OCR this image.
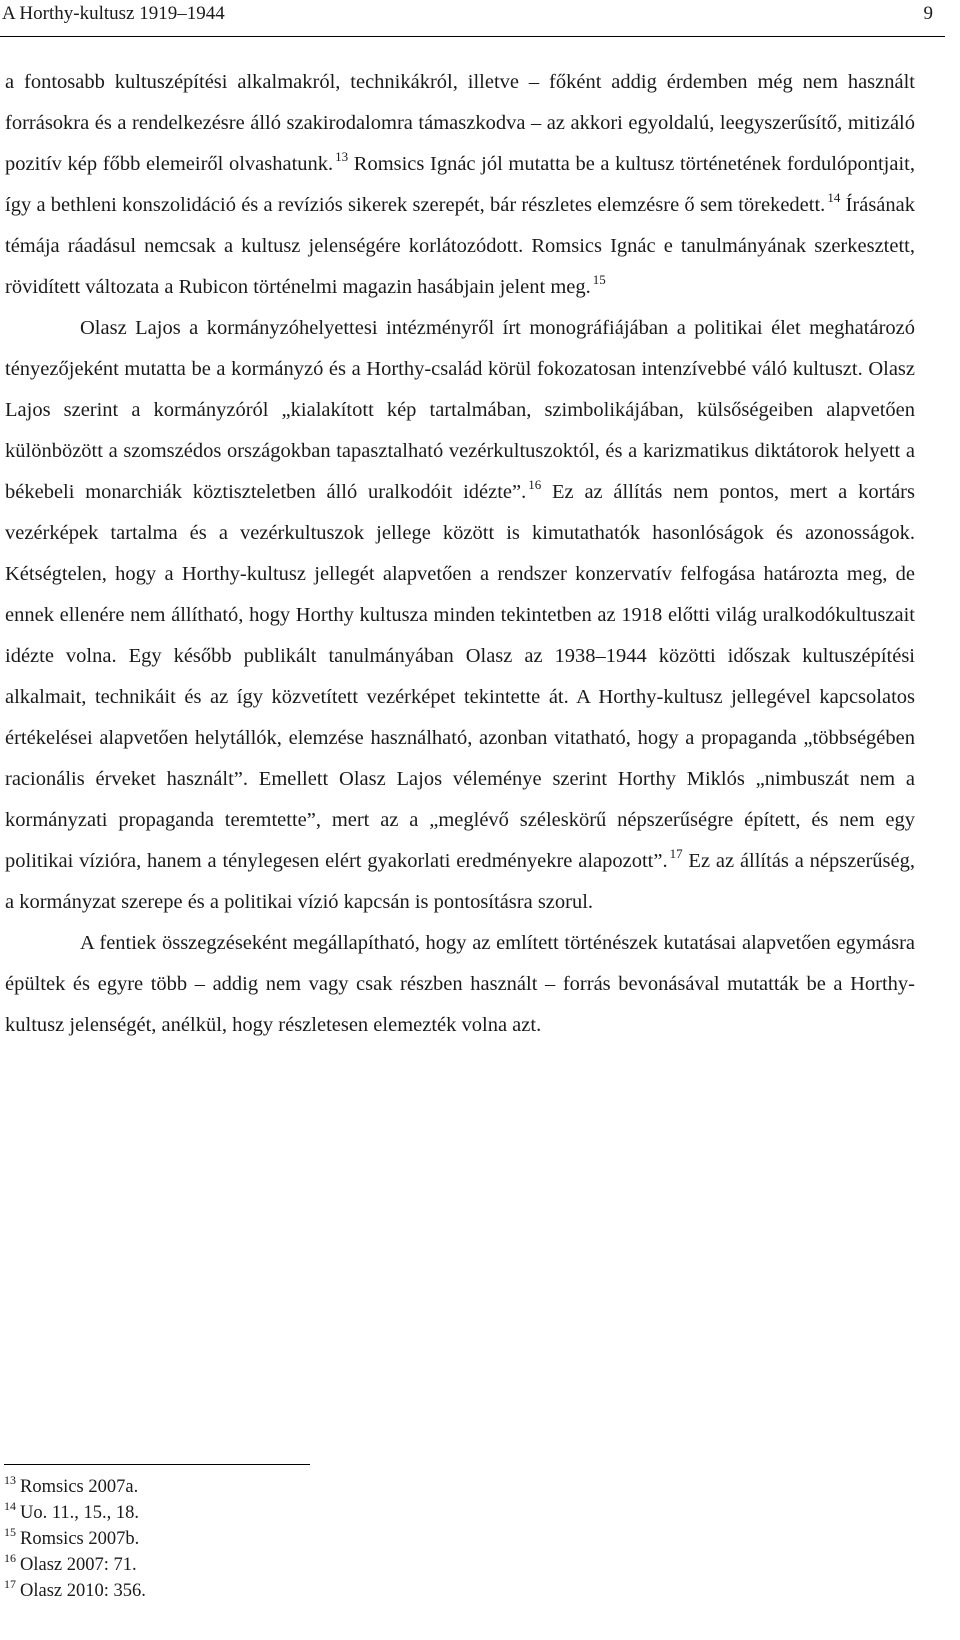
A Horthy-kultusz 1919–1944	9

a fontosabb kultuszépítési alkalmakról, technikákról, illetve – főként addig érdemben még nem használt forrásokra és a rendelkezésre álló szakirodalomra támaszkodva – az akkori egyoldalú, leegyszerűsítő, mitizáló pozitív kép főbb elemeiről olvashatunk. $^{13}$ Romsics Ignác jól mutatta be a kultusz történetének fordulópontjait, így a bethleni konszolidáció és a revíziós sikerek szerepét, bár részletes elemzésre ő sem törekedett. $^{14}$ Írásának témája ráadásul nemcsak a kultusz jelenségére korlátozódott. Romsics Ignác e tanulmányának szerkesztett, rövidített változata a Rubicon történelmi magazin hasábjain jelent meg. $^{15}$

Olasz Lajos a kormányzóhelyettesi intézményről írt monográfiájában a politikai élet meghatározó tényezőjeként mutatta be a kormányzó és a Horthy-család körül fokozatosan intenzívebbé váló kultuszt. Olasz Lajos szerint a kormányzóról „kialakított kép tartalmában, szimbolikájában, külsőségeiben alapvetően különbözött a szomszédos országokban tapasztalható vezérkultuszoktól, és a karizmatikus diktátorok helyett a békebeli monarchiák köztiszteletben álló uralkodóit idézte”. $^{16}$ Ez az állítás nem pontos, mert a kortárs vezérképek tartalma és a vezérkultuszok jellege között is kimutathatók hasonlóságok és azonosságok. Kétségtelen, hogy a Horthy-kultusz jellegét alapvetően a rendszer konzervatív felfogása határozta meg, de ennek ellenére nem állítható, hogy Horthy kultusza minden tekintetben az 1918 előtti világ uralkodókultuszait idézte volna. Egy később publikált tanulmányában Olasz az 1938–1944 közötti időszak kultuszépítési alkalmait, technikáit és az így közvetített vezérképet tekintette át. A Horthy-kultusz jellegével kapcsolatos értékelései alapvetően helytállók, elemzése használható, azonban vitatható, hogy a propaganda „többségében racionális érveket használt”. Emellett Olasz Lajos véleménye szerint Horthy Miklós „nimbuszát nem a kormányzati propaganda teremtette”, mert az a „meglévő széleskörű népszerűségre épített, és nem egy politikai vízióra, hanem a ténylegesen elért gyakorlati eredményekre alapozott”. $^{17}$ Ez az állítás a népszerűség, a kormányzat szerepe és a politikai vízió kapcsán is pontosításra szorul.

A fentiek összegzéseként megállapítható, hogy az említett történészek kutatásai alapvetően egymásra épültek és egyre több – addig nem vagy csak részben használt – forrás bevonásával mutatták be a Horthy-kultusz jelenségét, anélkül, hogy részletesen elemezték volna azt.

$^{13}$ Romsics 2007a.

$^{14}$ Uo. 11., 15., 18.

$^{15}$ Romsics 2007b.

$^{16}$ Olasz 2007: 71.

$^{17}$ Olasz 2010: 356.
